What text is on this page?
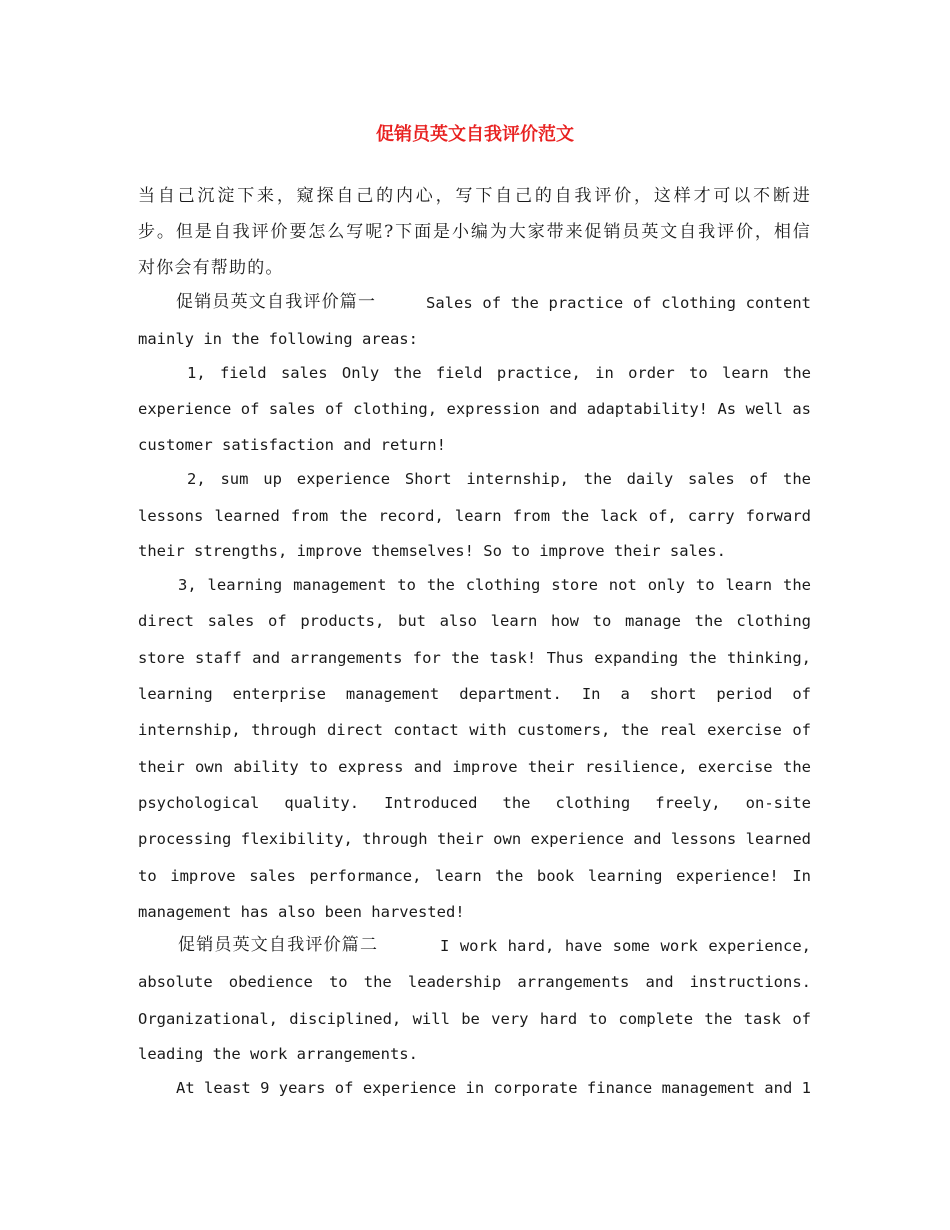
促销员英文自我评价范文

当自己沉淀下来，窥探自己的内心，写下自己的自我评价，这样才可以不断进

步。但是自我评价要怎么写呢?下面是小编为大家带来促销员英文自我评价，相信

对你会有帮助的。

促销员英文自我评价篇一	Sales of the practice of clothing content

mainly in the following areas:

1, field sales Only the field practice, in order to learn the

experience of sales of clothing, expression and adaptability! As well as

customer satisfaction and return!

2, sum up experience Short internship, the daily sales of the

lessons learned from the record, learn from the lack of, carry forward

their strengths, improve themselves! So to improve their sales.

3, learning management to the clothing store not only to learn the

direct sales of products, but also learn how to manage the clothing

store staff and arrangements for the task! Thus expanding the thinking,

learning enterprise management department. In a short period of

internship, through direct contact with customers, the real exercise of

their own ability to express and improve their resilience, exercise the

psychological quality. Introduced the clothing freely, on-site

processing flexibility, through their own experience and lessons learned

to improve sales performance, learn the book learning experience! In

management has also been harvested!

促销员英文自我评价篇二	I work hard, have some work experience,

absolute obedience to the leadership arrangements and instructions.

Organizational, disciplined, will be very hard to complete the task of

leading the work arrangements.

At least 9 years of experience in corporate finance management and 1
